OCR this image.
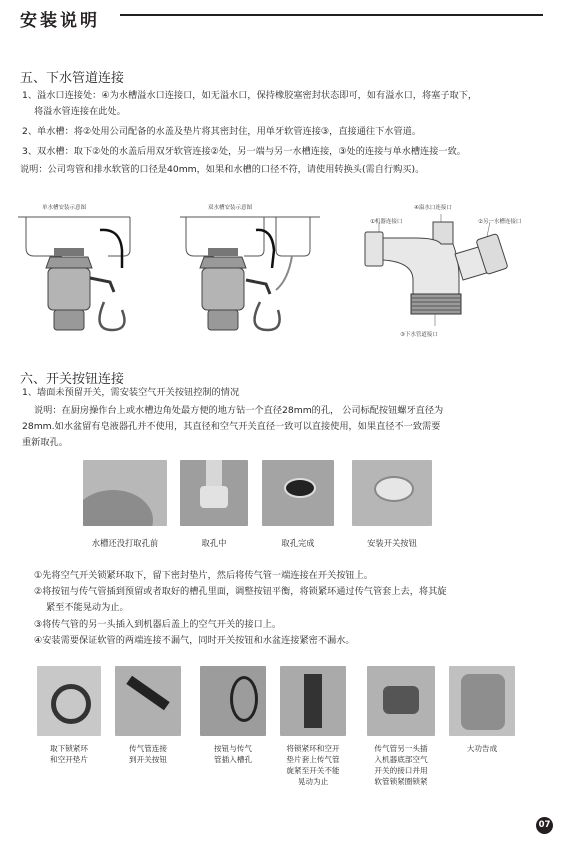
安装说明
五、下水管道连接
1、溢水口连接处：④为水槽溢水口连接口，如无溢水口，保持橡胶塞密封状态即可，如有溢水口，将塞子取下，
将溢水管连接在此处。
2、单水槽：将②处用公司配备的水盖及垫片将其密封住，用单牙软管连接③，直接通往下水管道。
3、双水槽：取下②处的水盖后用双牙软管连接②处，另一端与另一水槽连接，③处的连接与单水槽连接一致。
说明：公司弯管和排水软管的口径是40mm，如果和水槽的口径不符，请使用转换头(需自行购买)。
单水槽安装示意图	双水槽安装示意图	④溢水口连接口
①机器连接口	②另一水槽连接口
③下水管道接口
六、开关按钮连接
1、墙面未预留开关，需安装空气开关按钮控制的情况
说明：在厨房操作台上或水槽边角处最方便的地方钻一个直径28mm的孔， 公司标配按钮螺牙直径为
28mm.如水盆留有皂液器孔并不使用，其直径和空气开关直径一致可以直接使用，如果直径不一致需要
重新取孔。
水槽还没打取孔前	取孔中	取孔完成	安装开关按钮
①先将空气开关锁紧环取下，留下密封垫片，然后将传气管一端连接在开关按钮上。
②将按钮与传气管插到预留或者取好的槽孔里面，调整按钮平衡，将锁紧环通过传气管套上去，将其旋
紧至不能晃动为止。
③将传气管的另一头插入到机器后盖上的空气开关的接口上。
④安装需要保证软管的两端连接不漏气，同时开关按钮和水盆连接紧密不漏水。
取下锁紧环
和空开垫片
传气管连接
到开关按钮
按钮与传气
管插入槽孔
将锁紧环和空开
垫片套上传气管
旋紧至开关不能
晃动为止
传气管另一头插
入机器底部空气
开关的接口并用
软管锁紧圈锁紧
大功告成
07
